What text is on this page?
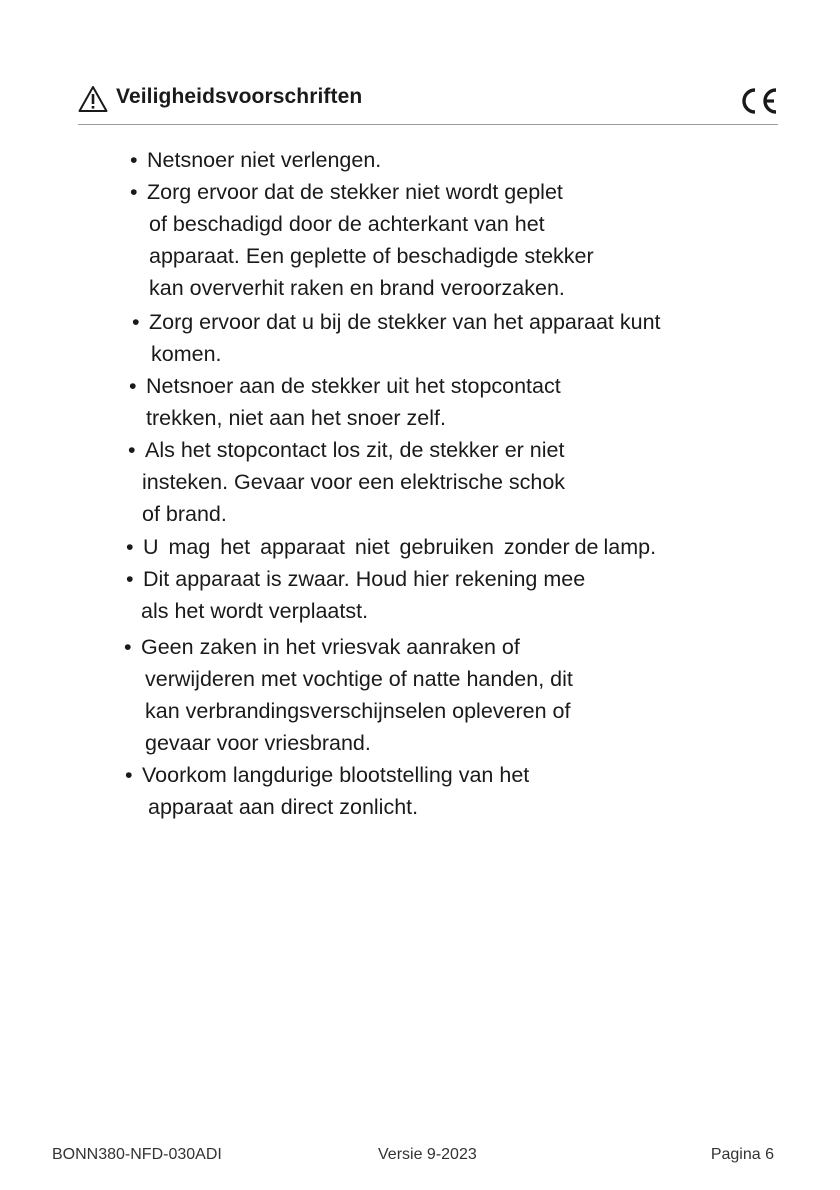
Veiligheidsvoorschriften
• Netsnoer niet verlengen.
• Zorg ervoor dat de stekker niet wordt geplet
of beschadigd door de achterkant van het
apparaat. Een geplette of beschadigde stekker
kan oververhit raken en brand veroorzaken.
• Zorg ervoor dat u bij de stekker van het apparaat kunt
komen.
• Netsnoer aan de stekker uit het stopcontact
trekken, niet aan het snoer zelf.
• Als het stopcontact los zit, de stekker er niet
insteken. Gevaar voor een elektrische schok
of brand.
• U  mag  het  apparaat  niet  gebruiken  zonder de lamp.
• Dit apparaat is zwaar. Houd hier rekening mee
als het wordt verplaatst.
• Geen zaken in het vriesvak aanraken of
verwijderen met vochtige of natte handen, dit
kan verbrandingsverschijnselen opleveren of
gevaar voor vriesbrand.
• Voorkom langdurige blootstelling van het
apparaat aan direct zonlicht.
BONN380-NFD-030ADI	Versie 9-2023	Pagina 6
